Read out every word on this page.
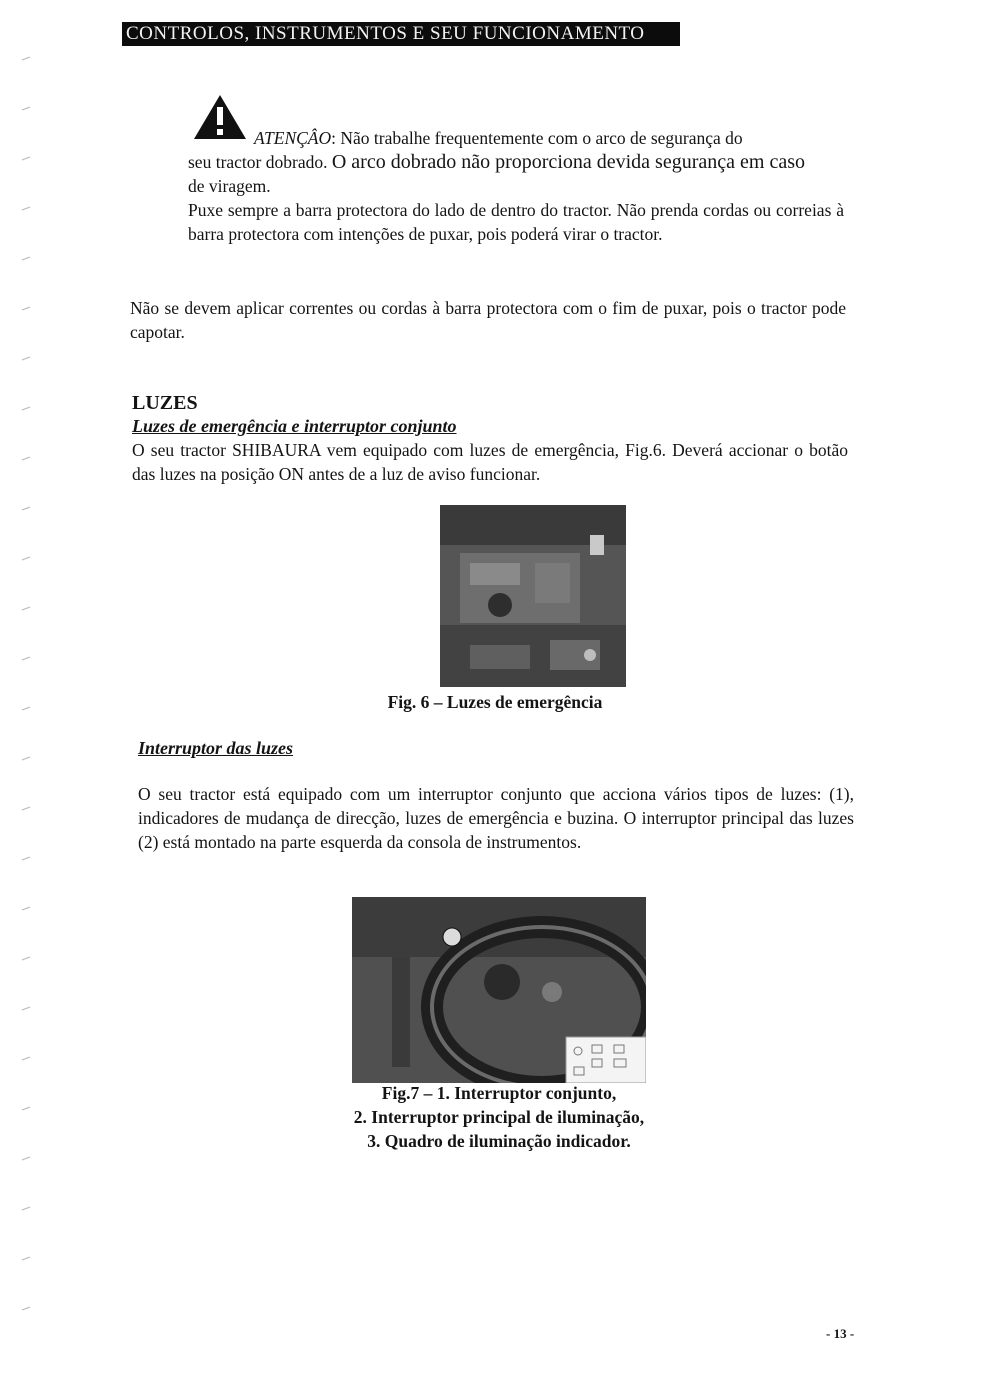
CONTROLOS, INSTRUMENTOS E SEU FUNCIONAMENTO
ATENÇÂO: Não trabalhe frequentemente com o arco de segurança do
seu tractor dobrado. O arco dobrado não proporciona devida segurança em caso
de viragem.
Puxe sempre a barra protectora do lado de dentro do tractor. Não prenda cordas ou correias à barra protectora com intenções de puxar, pois poderá virar o tractor.
Não se devem aplicar correntes ou cordas à barra protectora com o fim de puxar, pois o tractor pode capotar.
LUZES
Luzes de emergência e interruptor conjunto
O seu tractor SHIBAURA vem equipado com luzes de emergência, Fig.6. Deverá accionar o botão das luzes na posição ON antes de a luz de aviso funcionar.
Fig. 6 – Luzes de emergência
Interruptor das luzes
O seu tractor está equipado com um interruptor conjunto que acciona vários tipos de luzes: (1), indicadores de mudança de direcção, luzes de emergência e buzina. O interruptor principal das luzes (2) está montado na parte esquerda da consola de instrumentos.
Fig.7 – 1. Interruptor conjunto,
2. Interruptor principal de iluminação,
3. Quadro de iluminação indicador.
- 13 -
